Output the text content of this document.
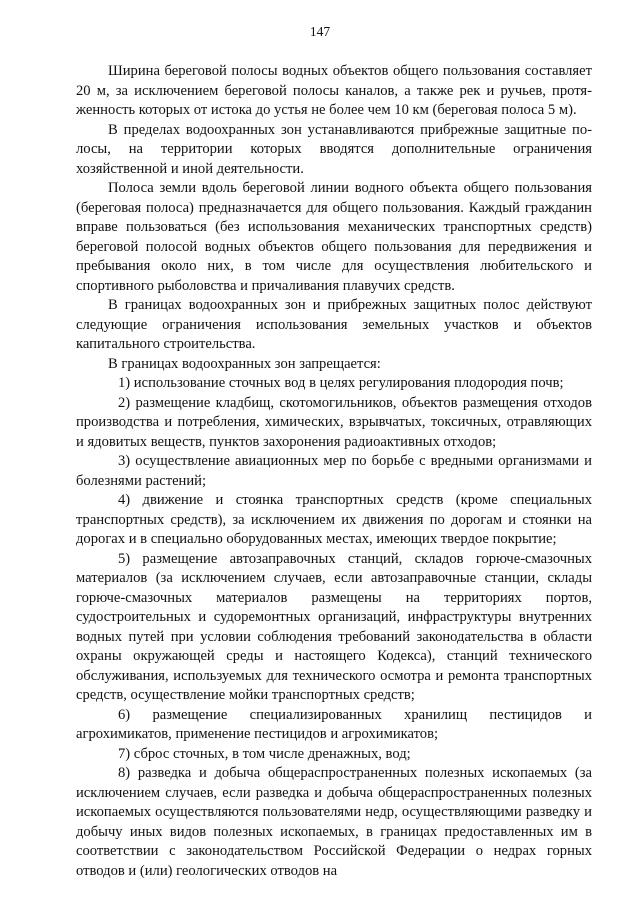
147

Ширина береговой полосы водных объектов общего пользования составляет 20 м, за исключением береговой полосы каналов, а также рек и ручьев, протяженность которых от истока до устья не более чем 10 км (береговая полоса 5 м).

В пределах водоохранных зон устанавливаются прибрежные защитные полосы, на территории которых вводятся дополнительные ограничения хозяйственной и иной деятельности.

Полоса земли вдоль береговой линии водного объекта общего пользования (береговая полоса) предназначается для общего пользования. Каждый гражданин вправе пользоваться (без использования механических транспортных средств) береговой полосой водных объектов общего пользования для передвижения и пребывания около них, в том числе для осуществления любительского и спортивного рыболовства и причаливания плавучих средств.

В границах водоохранных зон и прибрежных защитных полос действуют следующие ограничения использования земельных участков и объектов капитального строительства.

В границах водоохранных зон запрещается:

1) использование сточных вод в целях регулирования плодородия почв;

2) размещение кладбищ, скотомогильников, объектов размещения отходов производства и потребления, химических, взрывчатых, токсичных, отравляющих и ядовитых веществ, пунктов захоронения радиоактивных отходов;

3) осуществление авиационных мер по борьбе с вредными организмами и болезнями растений;

4) движение и стоянка транспортных средств (кроме специальных транспортных средств), за исключением их движения по дорогам и стоянки на дорогах и в специально оборудованных местах, имеющих твердое покрытие;

5) размещение автозаправочных станций, складов горюче-смазочных материалов (за исключением случаев, если автозаправочные станции, склады горюче-смазочных материалов размещены на территориях портов, судостроительных и судоремонтных организаций, инфраструктуры внутренних водных путей при условии соблюдения требований законодательства в области охраны окружающей среды и настоящего Кодекса), станций технического обслуживания, используемых для технического осмотра и ремонта транспортных средств, осуществление мойки транспортных средств;

6) размещение специализированных хранилищ пестицидов и агрохимикатов, применение пестицидов и агрохимикатов;

7) сброс сточных, в том числе дренажных, вод;

8) разведка и добыча общераспространенных полезных ископаемых (за исключением случаев, если разведка и добыча общераспространенных полезных ископаемых осуществляются пользователями недр, осуществляющими разведку и добычу иных видов полезных ископаемых, в границах предоставленных им в соответствии с законодательством Российской Федерации о недрах горных отводов и (или) геологических отводов на
